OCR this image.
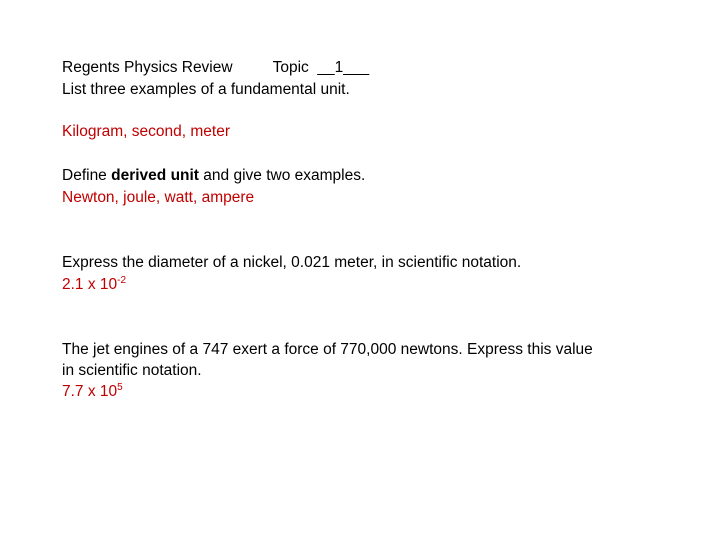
Regents Physics Review	Topic __1___
List three examples of a fundamental unit.
Kilogram, second, meter
Define derived unit and give two examples.
Newton, joule, watt, ampere
Express the diameter of a nickel, 0.021 meter, in scientific notation.
2.1 x $10^{-2}$
The jet engines of a 747 exert a force of 770,000 newtons. Express this value
in scientific notation.
7.7 x $10^5$
